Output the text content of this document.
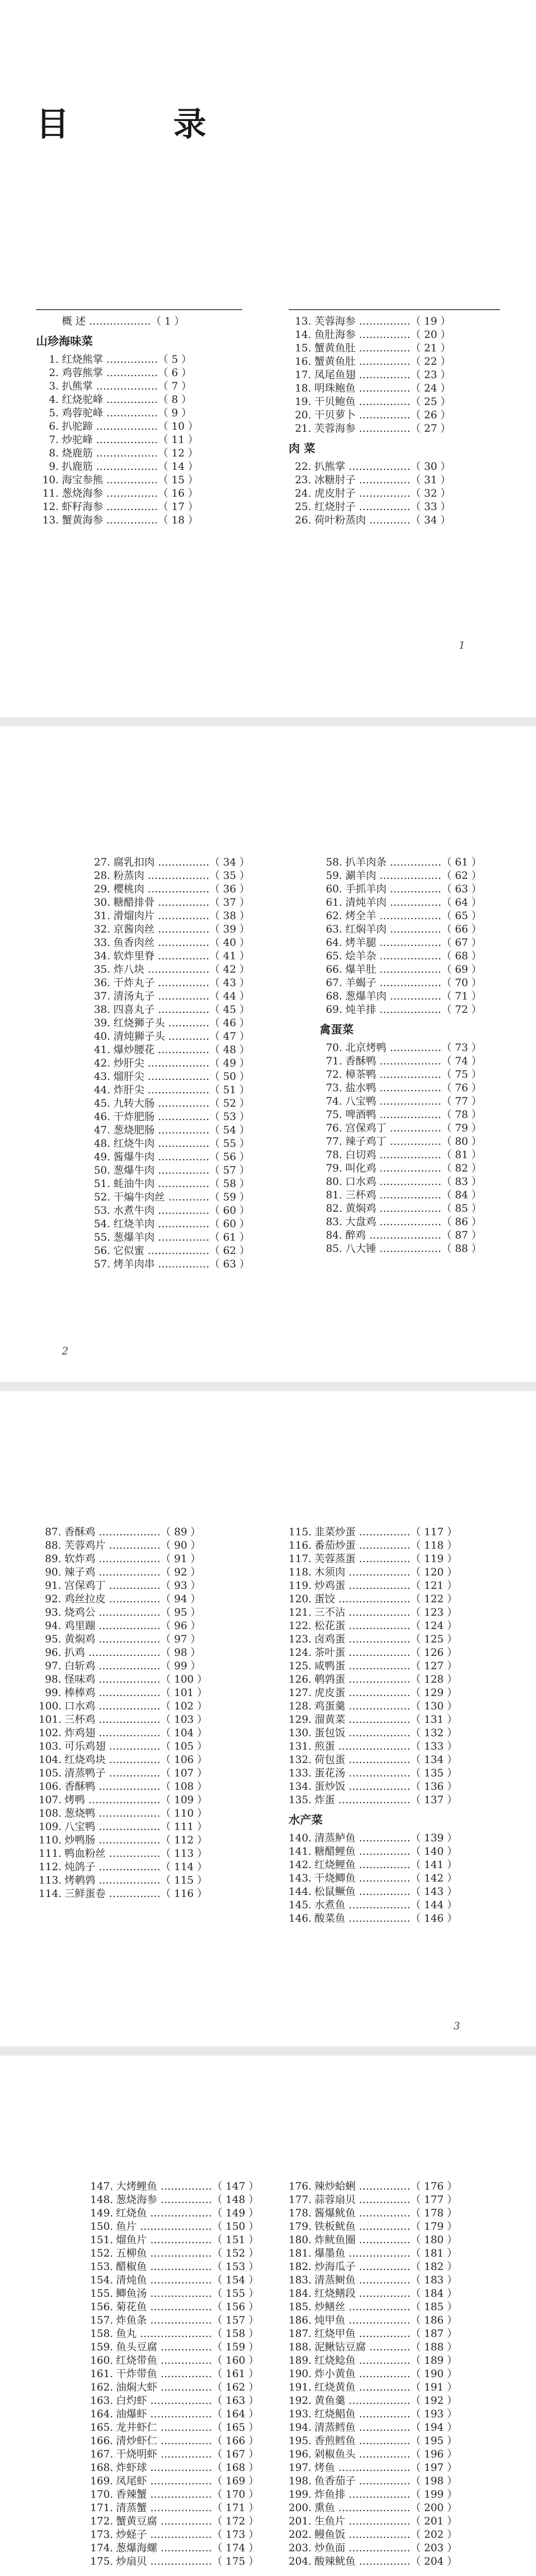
目 录
概 述 ………………（ 1 ）
山珍海味菜
1. 红烧熊掌 ……………（ 5 ）
2. 鸡蓉熊掌 ……………（ 6 ）
3. 扒熊掌 ………………（ 7 ）
4. 红烧驼峰 ……………（ 8 ）
5. 鸡蓉驼峰 ……………（ 9 ）
6. 扒驼蹄 ………………（ 10 ）
7. 炒驼峰 ………………（ 11 ）
8. 烧鹿筋 ………………（ 12 ）
9. 扒鹿筋 ………………（ 14 ）
10. 海宝参熊 ……………（ 15 ）
11. 葱烧海参 ……………（ 16 ）
12. 虾籽海参 ……………（ 17 ）
13. 蟹黄海参 ……………（ 18 ）
13. 芙蓉海参 ……………（ 19 ）
14. 鱼肚海参 ……………（ 20 ）
15. 蟹黄鱼肚 ……………（ 21 ）
16. 蟹黄鱼肚 ……………（ 22 ）
17. 凤尾鱼翅 ……………（ 23 ）
18. 明珠鲍鱼 ……………（ 24 ）
19. 干贝鲍鱼 ……………（ 25 ）
20. 干贝萝卜 ……………（ 26 ）
21. 芙蓉海参 ……………（ 27 ）
肉 菜
22. 扒熊掌 ………………（ 30 ）
23. 冰糖肘子 ……………（ 31 ）
24. 虎皮肘子 ……………（ 32 ）
25. 红烧肘子 ……………（ 33 ）
26. 荷叶粉蒸肉 …………（ 34 ）
1
27. 腐乳扣肉 ……………（ 34 ）
28. 粉蒸肉 ………………（ 35 ）
29. 樱桃肉 ………………（ 36 ）
30. 糖醋排骨 ……………（ 37 ）
31. 滑熘肉片 ……………（ 38 ）
32. 京酱肉丝 ……………（ 39 ）
33. 鱼香肉丝 ……………（ 40 ）
34. 软炸里脊 ……………（ 41 ）
35. 炸八块 ………………（ 42 ）
36. 干炸丸子 ……………（ 43 ）
37. 清汤丸子 ……………（ 44 ）
38. 四喜丸子 ……………（ 45 ）
39. 红烧狮子头 …………（ 46 ）
40. 清炖狮子头 …………（ 47 ）
41. 爆炒腰花 ……………（ 48 ）
42. 炒肝尖 ………………（ 49 ）
43. 熘肝尖 ………………（ 50 ）
44. 炸肝尖 ………………（ 51 ）
45. 九转大肠 ……………（ 52 ）
46. 干炸肥肠 ……………（ 53 ）
47. 葱烧肥肠 ……………（ 54 ）
48. 红烧牛肉 ……………（ 55 ）
49. 酱爆牛肉 ……………（ 56 ）
50. 葱爆牛肉 ……………（ 57 ）
51. 蚝油牛肉 ……………（ 58 ）
52. 干煸牛肉丝 …………（ 59 ）
53. 水煮牛肉 ……………（ 60 ）
54. 红烧羊肉 ……………（ 60 ）
55. 葱爆羊肉 ……………（ 61 ）
56. 它似蜜 ………………（ 62 ）
57. 烤羊肉串 ……………（ 63 ）
58. 扒羊肉条 ……………（ 61 ）
59. 涮羊肉 ………………（ 62 ）
60. 手抓羊肉 ……………（ 63 ）
61. 清炖羊肉 ……………（ 64 ）
62. 烤全羊 ………………（ 65 ）
63. 红焖羊肉 ……………（ 66 ）
64. 烤羊腿 ………………（ 67 ）
65. 烩羊杂 ………………（ 68 ）
66. 爆羊肚 ………………（ 69 ）
67. 羊蝎子 ………………（ 70 ）
68. 葱爆羊肉 ……………（ 71 ）
69. 炖羊排 ………………（ 72 ）
禽蛋菜
70. 北京烤鸭 ……………（ 73 ）
71. 香酥鸭 ………………（ 74 ）
72. 樟茶鸭 ………………（ 75 ）
73. 盐水鸭 ………………（ 76 ）
74. 八宝鸭 ………………（ 77 ）
75. 啤酒鸭 ………………（ 78 ）
76. 宫保鸡丁 ……………（ 79 ）
77. 辣子鸡丁 ……………（ 80 ）
78. 白切鸡 ………………（ 81 ）
79. 叫化鸡 ………………（ 82 ）
80. 口水鸡 ………………（ 83 ）
81. 三杯鸡 ………………（ 84 ）
82. 黄焖鸡 ………………（ 85 ）
83. 大盘鸡 ………………（ 86 ）
84. 醉鸡 …………………（ 87 ）
85. 八大锤 ………………（ 88 ）
2
87. 香酥鸡 ………………（ 89 ）
88. 芙蓉鸡片 ……………（ 90 ）
89. 软炸鸡 ………………（ 91 ）
90. 辣子鸡 ………………（ 92 ）
91. 宫保鸡丁 ……………（ 93 ）
92. 鸡丝拉皮 ……………（ 94 ）
93. 烧鸡公 ………………（ 95 ）
94. 鸡里蹦 ………………（ 96 ）
95. 黄焖鸡 ………………（ 97 ）
96. 扒鸡 …………………（ 98 ）
97. 白斩鸡 ………………（ 99 ）
98. 怪味鸡 ………………（ 100 ）
99. 棒棒鸡 ………………（ 101 ）
100. 口水鸡 ………………（ 102 ）
101. 三杯鸡 ………………（ 103 ）
102. 炸鸡翅 ………………（ 104 ）
103. 可乐鸡翅 ……………（ 105 ）
104. 红烧鸡块 ……………（ 106 ）
105. 清蒸鸭子 ……………（ 107 ）
106. 香酥鸭 ………………（ 108 ）
107. 烤鸭 …………………（ 109 ）
108. 葱烧鸭 ………………（ 110 ）
109. 八宝鸭 ………………（ 111 ）
110. 炒鸭肠 ………………（ 112 ）
111. 鸭血粉丝 ……………（ 113 ）
112. 炖鸽子 ………………（ 114 ）
113. 烤鹌鹑 ………………（ 115 ）
114. 三鲜蛋卷 ……………（ 116 ）
115. 韭菜炒蛋 ……………（ 117 ）
116. 番茄炒蛋 ……………（ 118 ）
117. 芙蓉蒸蛋 ……………（ 119 ）
118. 木须肉 ………………（ 120 ）
119. 炒鸡蛋 ………………（ 121 ）
120. 蛋饺 …………………（ 122 ）
121. 三不沾 ………………（ 123 ）
122. 松花蛋 ………………（ 124 ）
123. 卤鸡蛋 ………………（ 125 ）
124. 茶叶蛋 ………………（ 126 ）
125. 咸鸭蛋 ………………（ 127 ）
126. 鹌鹑蛋 ………………（ 128 ）
127. 虎皮蛋 ………………（ 129 ）
128. 鸡蛋羹 ………………（ 130 ）
129. 溜黄菜 ………………（ 131 ）
130. 蛋包饭 ………………（ 132 ）
131. 煎蛋 …………………（ 133 ）
132. 荷包蛋 ………………（ 134 ）
133. 蛋花汤 ………………（ 135 ）
134. 蛋炒饭 ………………（ 136 ）
135. 炸蛋 …………………（ 137 ）
水产菜
140. 清蒸鲈鱼 ……………（ 139 ）
141. 糖醋鲤鱼 ……………（ 140 ）
142. 红烧鲤鱼 ……………（ 141 ）
143. 干烧鲫鱼 ……………（ 142 ）
144. 松鼠鳜鱼 ……………（ 143 ）
145. 水煮鱼 ………………（ 144 ）
146. 酸菜鱼 ………………（ 146 ）
3
147. 大烤鲤鱼 ……………（ 147 ）
148. 葱烧海参 ……………（ 148 ）
149. 红烧鱼 ………………（ 149 ）
150. 鱼片 …………………（ 150 ）
151. 熘鱼片 ………………（ 151 ）
152. 五柳鱼 ………………（ 152 ）
153. 醋椒鱼 ………………（ 153 ）
154. 清炖鱼 ………………（ 154 ）
155. 鲫鱼汤 ………………（ 155 ）
156. 菊花鱼 ………………（ 156 ）
157. 炸鱼条 ………………（ 157 ）
158. 鱼丸 …………………（ 158 ）
159. 鱼头豆腐 ……………（ 159 ）
160. 红烧带鱼 ……………（ 160 ）
161. 干炸带鱼 ……………（ 161 ）
162. 油焖大虾 ……………（ 162 ）
163. 白灼虾 ………………（ 163 ）
164. 油爆虾 ………………（ 164 ）
165. 龙井虾仁 ……………（ 165 ）
166. 清炒虾仁 ……………（ 166 ）
167. 干烧明虾 ……………（ 167 ）
168. 炸虾球 ………………（ 168 ）
169. 凤尾虾 ………………（ 169 ）
170. 香辣蟹 ………………（ 170 ）
171. 清蒸蟹 ………………（ 171 ）
172. 蟹黄豆腐 ……………（ 172 ）
173. 炒蛏子 ………………（ 173 ）
174. 葱爆海螺 ……………（ 174 ）
175. 炒扇贝 ………………（ 175 ）
176. 辣炒蛤蜊 ……………（ 176 ）
177. 蒜蓉扇贝 ……………（ 177 ）
178. 酱爆鱿鱼 ……………（ 178 ）
179. 铁板鱿鱼 ……………（ 179 ）
180. 炸鱿鱼圈 ……………（ 180 ）
181. 爆墨鱼 ………………（ 181 ）
182. 炒海瓜子 ……………（ 182 ）
183. 清蒸鲥鱼 ……………（ 183 ）
184. 红烧鳝段 ……………（ 184 ）
185. 炒鳝丝 ………………（ 185 ）
186. 炖甲鱼 ………………（ 186 ）
187. 红烧甲鱼 ……………（ 187 ）
188. 泥鳅钻豆腐 …………（ 188 ）
189. 红烧鲶鱼 ……………（ 189 ）
190. 炸小黄鱼 ……………（ 190 ）
191. 红烧黄鱼 ……………（ 191 ）
192. 黄鱼羹 ………………（ 192 ）
193. 红烧鲳鱼 ……………（ 193 ）
194. 清蒸鳕鱼 ……………（ 194 ）
195. 香煎鳕鱼 ……………（ 195 ）
196. 剁椒鱼头 ……………（ 196 ）
197. 烤鱼 …………………（ 197 ）
198. 鱼香茄子 ……………（ 198 ）
199. 炸鱼排 ………………（ 199 ）
200. 熏鱼 …………………（ 200 ）
201. 生鱼片 ………………（ 201 ）
202. 鳗鱼饭 ………………（ 202 ）
203. 炒鱼面 ………………（ 203 ）
204. 酸辣鱿鱼 ……………（ 204 ）
